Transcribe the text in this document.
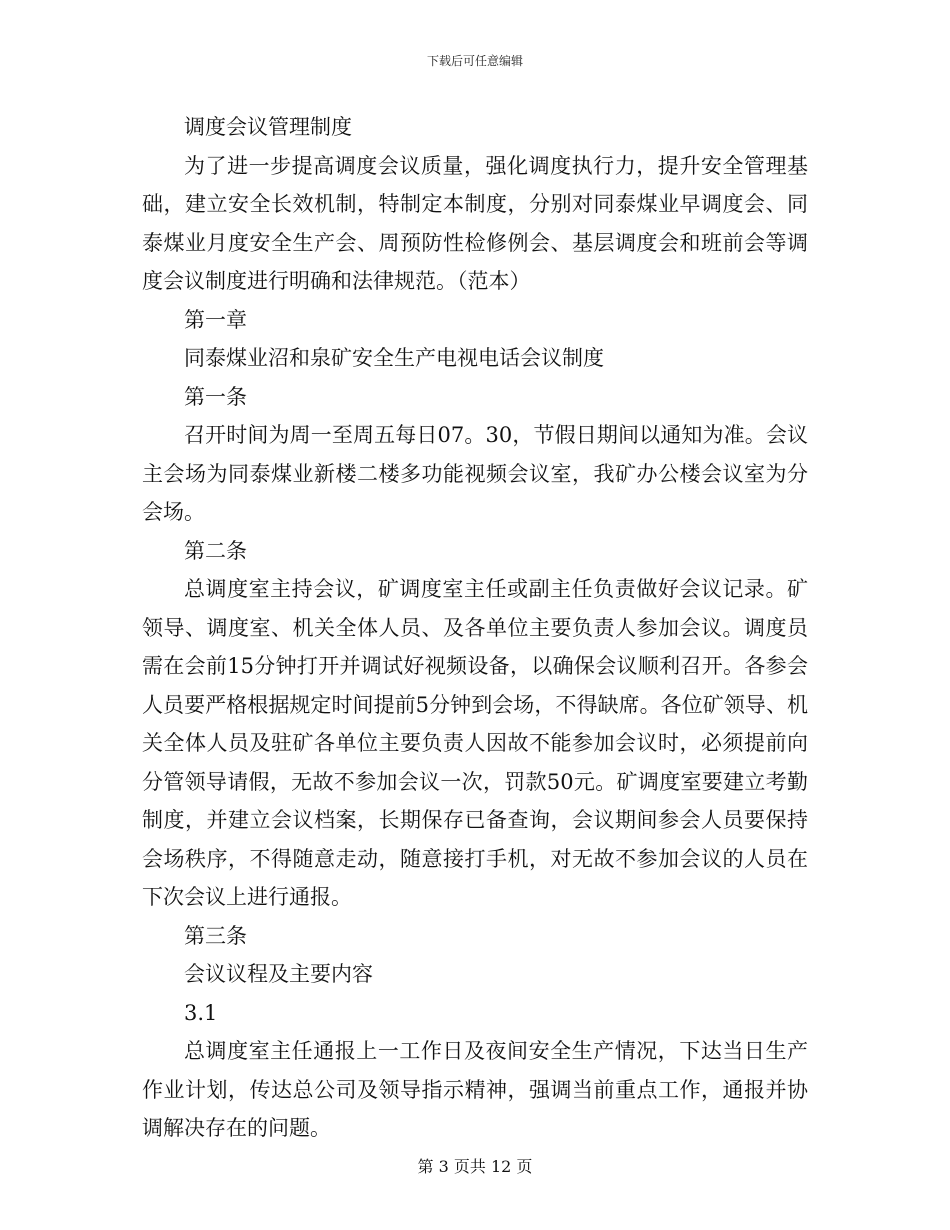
下载后可任意编辑

调度会议管理制度

为了进一步提高调度会议质量，强化调度执行力，提升安全管理基础，建立安全长效机制，特制定本制度，分别对同泰煤业早调度会、同泰煤业月度安全生产会、周预防性检修例会、基层调度会和班前会等调度会议制度进行明确和法律规范。（范本）

第一章

同泰煤业沼和泉矿安全生产电视电话会议制度

第一条

召开时间为周一至周五每日07。30，节假日期间以通知为准。会议主会场为同泰煤业新楼二楼多功能视频会议室，我矿办公楼会议室为分会场。

第二条

总调度室主持会议，矿调度室主任或副主任负责做好会议记录。矿领导、调度室、机关全体人员、及各单位主要负责人参加会议。调度员需在会前15分钟打开并调试好视频设备，以确保会议顺利召开。各参会人员要严格根据规定时间提前5分钟到会场，不得缺席。各位矿领导、机关全体人员及驻矿各单位主要负责人因故不能参加会议时，必须提前向分管领导请假，无故不参加会议一次，罚款50元。矿调度室要建立考勤制度，并建立会议档案，长期保存已备查询，会议期间参会人员要保持会场秩序，不得随意走动，随意接打手机，对无故不参加会议的人员在下次会议上进行通报。

第三条

会议议程及主要内容

3.1

总调度室主任通报上一工作日及夜间安全生产情况，下达当日生产作业计划，传达总公司及领导指示精神，强调当前重点工作，通报并协调解决存在的问题。

第 3 页共 12 页
